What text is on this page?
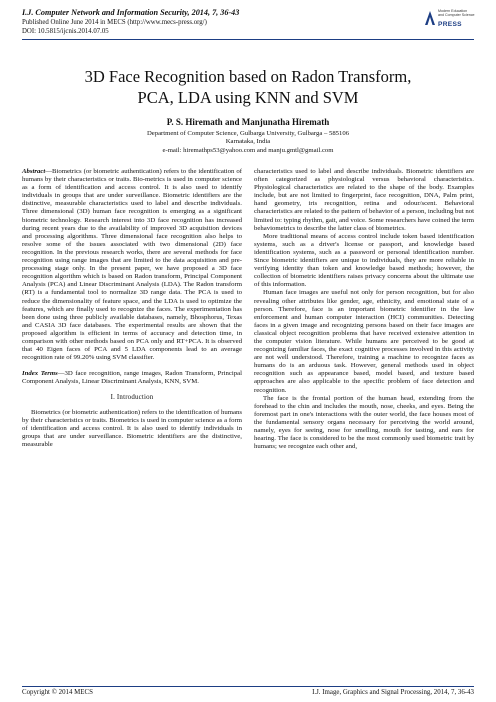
I.J. Computer Network and Information Security, 2014, 7, 36-43
Published Online June 2014 in MECS (http://www.mecs-press.org/)
DOI: 10.5815/ijcnis.2014.07.05
Modern Education
and Computer Science
PRESS
3D Face Recognition based on Radon Transform,
PCA, LDA using KNN and SVM
P. S. Hiremath and Manjunatha Hiremath
Department of Computer Science, Gulbarga University, Gulbarga – 585106
Karnataka, India
e-mail: hiremathps53@yahoo.com and manju.gmtl@gmail.com

Abstract—Biometrics (or biometric authentication) refers to the identification of humans by their characteristics or traits. Bio-metrics is used in computer science as a form of identification and access control. It is also used to identify individuals in groups that are under surveillance. Biometric identifiers are the distinctive, measurable characteristics used to label and describe individuals. Three dimensional (3D) human face recognition is emerging as a significant biometric technology. Research interest into 3D face recognition has increased during recent years due to the availability of improved 3D acquisition devices and processing algorithms. Three dimensional face recognition also helps to resolve some of the issues associated with two dimensional (2D) face recognition. In the previous research works, there are several methods for face recognition using range images that are limited to the data acquisition and pre-processing stage only. In the present paper, we have proposed a 3D face recognition algorithm which is based on Radon transform, Principal Component Analysis (PCA) and Linear Discriminant Analysis (LDA). The Radon transform (RT) is a fundamental tool to normalize 3D range data. The PCA is used to reduce the dimensionality of feature space, and the LDA is used to optimize the features, which are finally used to recognize the faces. The experimentation has been done using three publicly available databases, namely, Bhosphorus, Texas and CASIA 3D face databases. The experimental results are shown that the proposed algorithm is efficient in terms of accuracy and detection time, in comparison with other methods based on PCA only and RT+PCA. It is observed that 40 Eigen faces of PCA and 5 LDA components lead to an average recognition rate of 99.20% using SVM classifier.

Index Terms—3D face recognition, range images, Radon Transform, Principal Component Analysis, Linear Discriminant Analysis, KNN, SVM.

I. Introduction

Biometrics (or biometric authentication) refers to the identification of humans by their characteristics or traits. Biometrics is used in computer science as a form of identification and access control. It is also used to identify individuals in groups that are under surveillance. Biometric identifiers are the distinctive, measurable

characteristics used to label and describe individuals. Biometric identifiers are often categorized as physiological versus behavioral characteristics. Physiological characteristics are related to the shape of the body. Examples include, but are not limited to fingerprint, face recognition, DNA, Palm print, hand geometry, iris recognition, retina and odour/scent. Behavioral characteristics are related to the pattern of behavior of a person, including but not limited to: typing rhythm, gait, and voice. Some researchers have coined the term behaviometrics to describe the latter class of biometrics.

More traditional means of access control include token based identification systems, such as a driver's license or passport, and knowledge based identification systems, such as a password or personal identification number. Since biometric identifiers are unique to individuals, they are more reliable in verifying identity than token and knowledge based methods; however, the collection of biometric identifiers raises privacy concerns about the ultimate use of this information.

Human face images are useful not only for person recognition, but for also revealing other attributes like gender, age, ethnicity, and emotional state of a person. Therefore, face is an important biometric identifier in the law enforcement and human computer interaction (HCI) communities. Detecting faces in a given image and recognizing persons based on their face images are classical object recognition problems that have received extensive attention in the computer vision literature. While humans are perceived to be good at recognizing familiar faces, the exact cognitive processes involved in this activity are not well understood. Therefore, training a machine to recognize faces as humans do is an arduous task. However, general methods used in object recognition such as appearance based, model based, and texture based approaches are also applicable to the specific problem of face detection and recognition.

The face is the frontal portion of the human head, extending from the forehead to the chin and includes the mouth, nose, cheeks, and eyes. Being the foremost part in one's interactions with the outer world, the face houses most of the fundamental sensory organs necessary for perceiving the world around, namely, eyes for seeing, nose for smelling, mouth for tasting, and ears for hearing. The face is considered to be the most commonly used biometric trait by humans; we recognize each other and,

Copyright © 2014 MECS	I.J. Image, Graphics and Signal Processing, 2014, 7, 36-43
